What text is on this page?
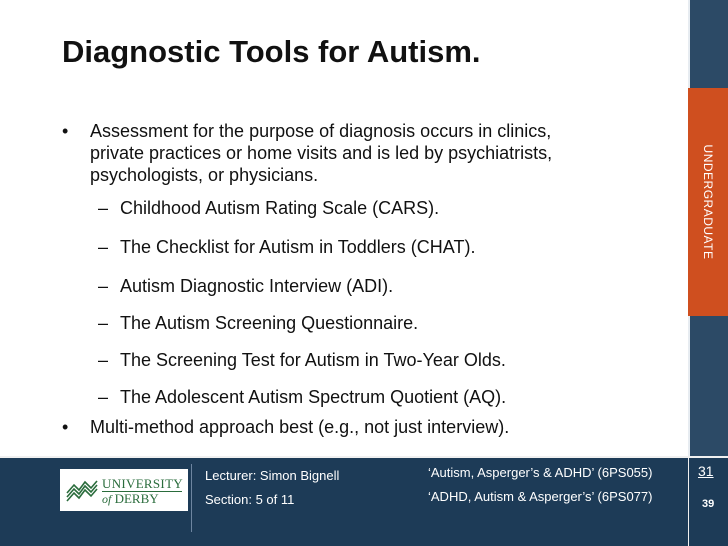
UNDERGRADUATE
Diagnostic Tools for Autism.
• Assessment for the purpose of diagnosis occurs in clinics,
private practices or home visits and is led by psychiatrists,
psychologists, or physicians.
– Childhood Autism Rating Scale (CARS).
– The Checklist for Autism in Toddlers (CHAT).
– Autism Diagnostic Interview (ADI).
– The Autism Screening Questionnaire.
– The Screening Test for Autism in Two-Year Olds.
– The Adolescent Autism Spectrum Quotient (AQ).
• Multi-method approach best (e.g., not just interview).
UNIVERSITY
of DERBY
Lecturer: Simon Bignell
Section: 5 of 11
‘Autism, Asperger’s & ADHD’ (6PS055)
‘ADHD, Autism & Asperger’s’ (6PS077)
31
39
